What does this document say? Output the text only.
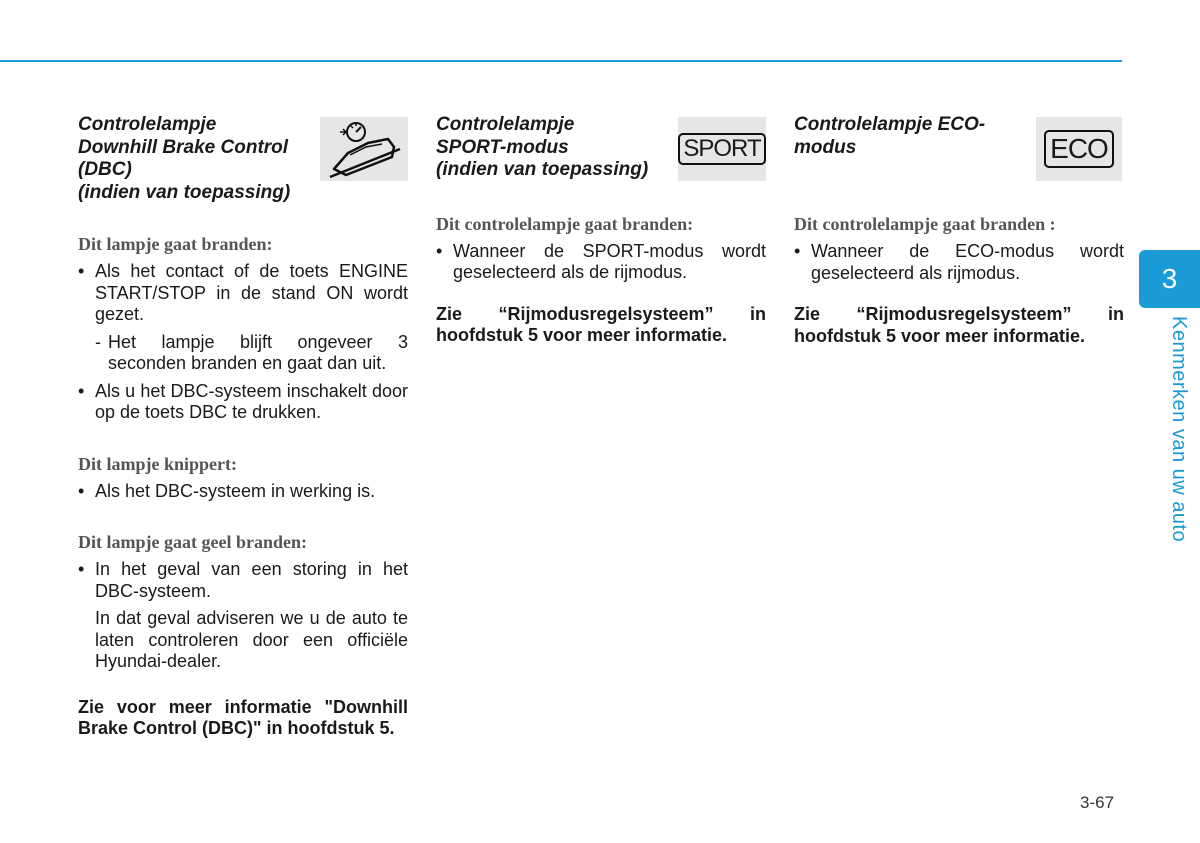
Controlelampje
Downhill Brake Control
(DBC)
(indien van toepassing)

Dit lampje gaat branden:

• Als het contact of de toets ENGINE START/STOP in de stand ON wordt gezet.
- Het lampje blijft ongeveer 3 seconden branden en gaat dan uit.
• Als u het DBC-systeem inschakelt door op de toets DBC te drukken.

Dit lampje knippert:

• Als het DBC-systeem in werking is.

Dit lampje gaat geel branden:

• In het geval van een storing in het DBC-systeem.

In dat geval adviseren we u de auto te laten controleren door een officiële Hyundai-dealer.

Zie voor meer informatie "Downhill Brake Control (DBC)" in hoofdstuk 5.

Controlelampje
SPORT-modus
(indien van toepassing)

SPORT

Dit controlelampje gaat branden:

• Wanneer de SPORT-modus wordt geselecteerd als de rijmodus.

Zie “Rijmodusregelsysteem” in hoofdstuk 5 voor meer informatie.

Controlelampje ECO-
modus	ECO

Dit controlelampje gaat branden :

• Wanneer de ECO-modus wordt geselecteerd als rijmodus.

Zie “Rijmodusregelsysteem” in hoofdstuk 5 voor meer informatie.

3
Kenmerken van uw auto
3-67
